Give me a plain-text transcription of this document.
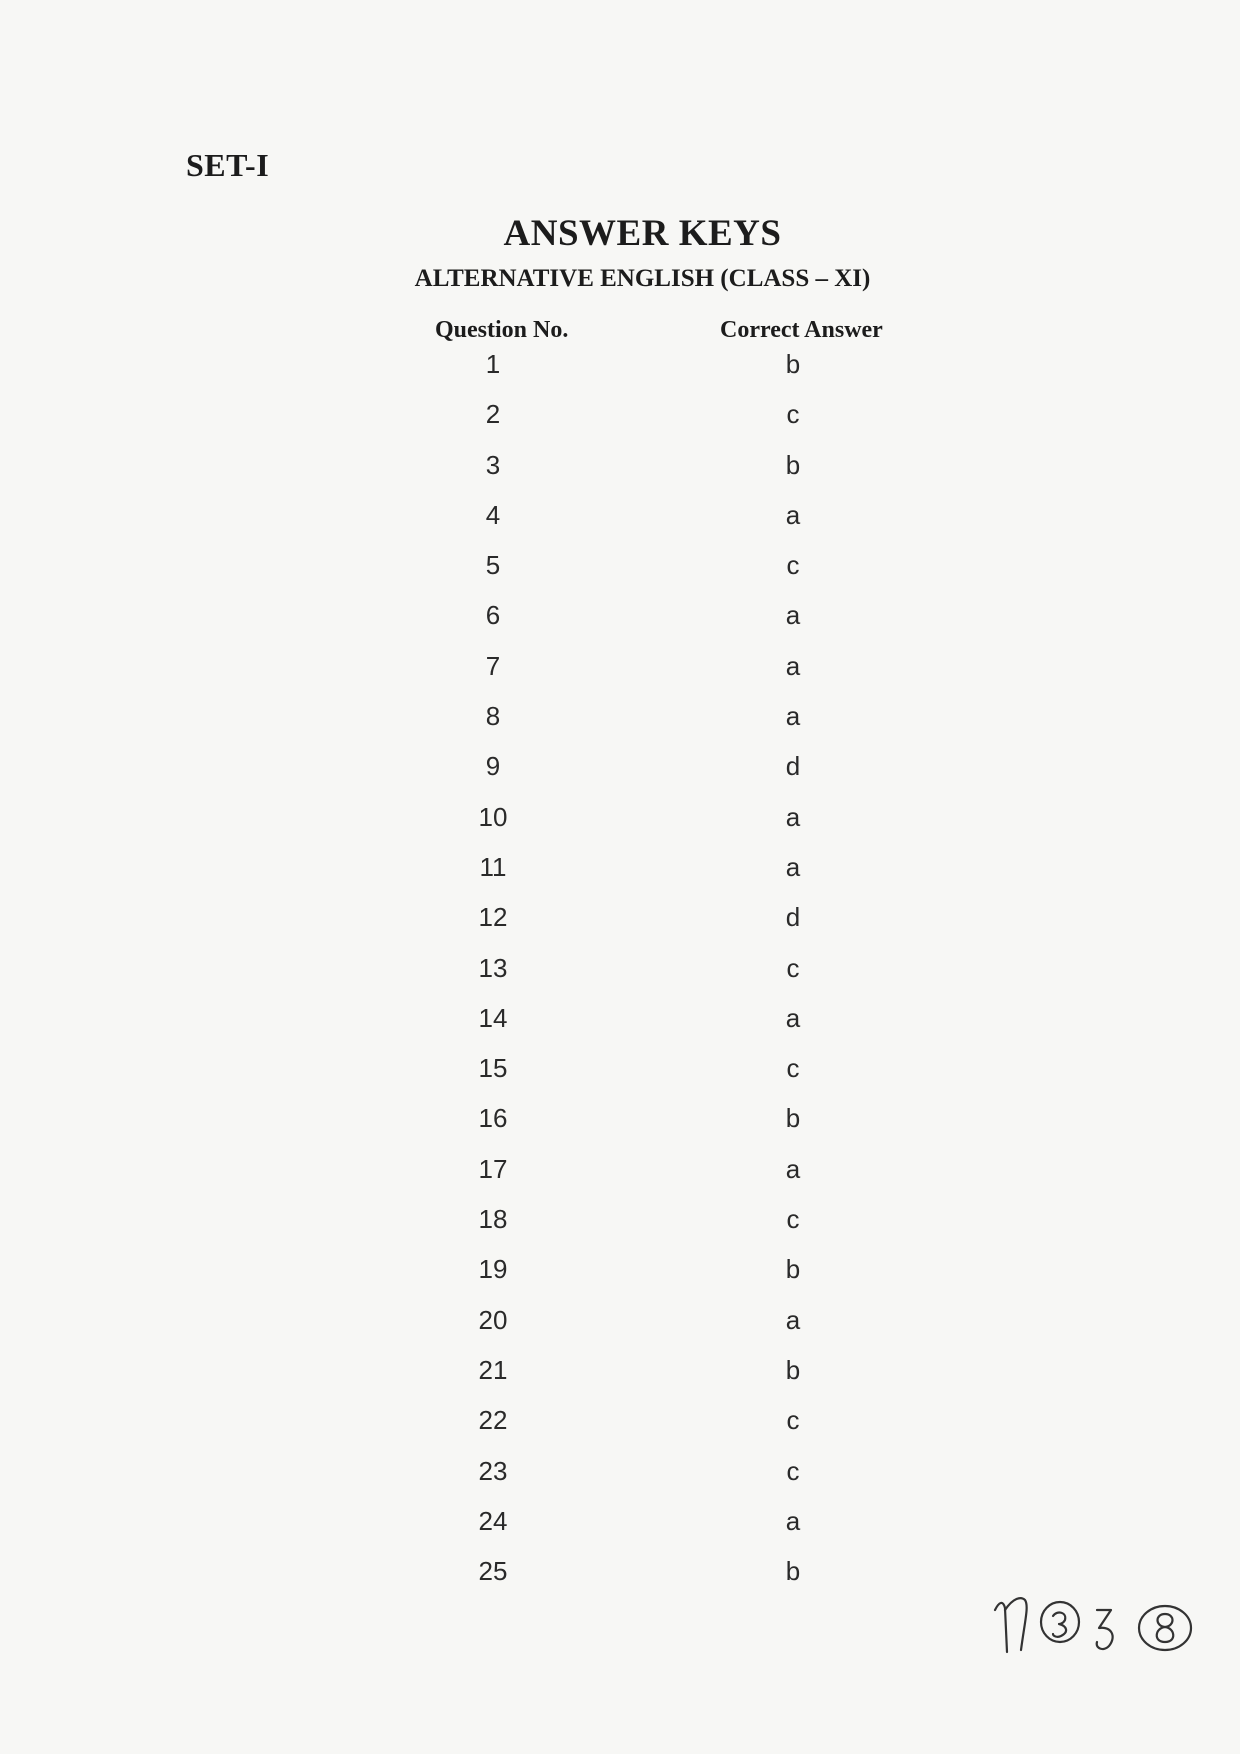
SET-I
ANSWER KEYS
ALTERNATIVE ENGLISH (CLASS – XI)
Question No.	Correct Answer
1	b
2	c
3	b
4	a
5	c
6	a
7	a
8	a
9	d
10	a
11	a
12	d
13	c
14	a
15	c
16	b
17	a
18	c
19	b
20	a
21	b
22	c
23	c
24	a
25	b
